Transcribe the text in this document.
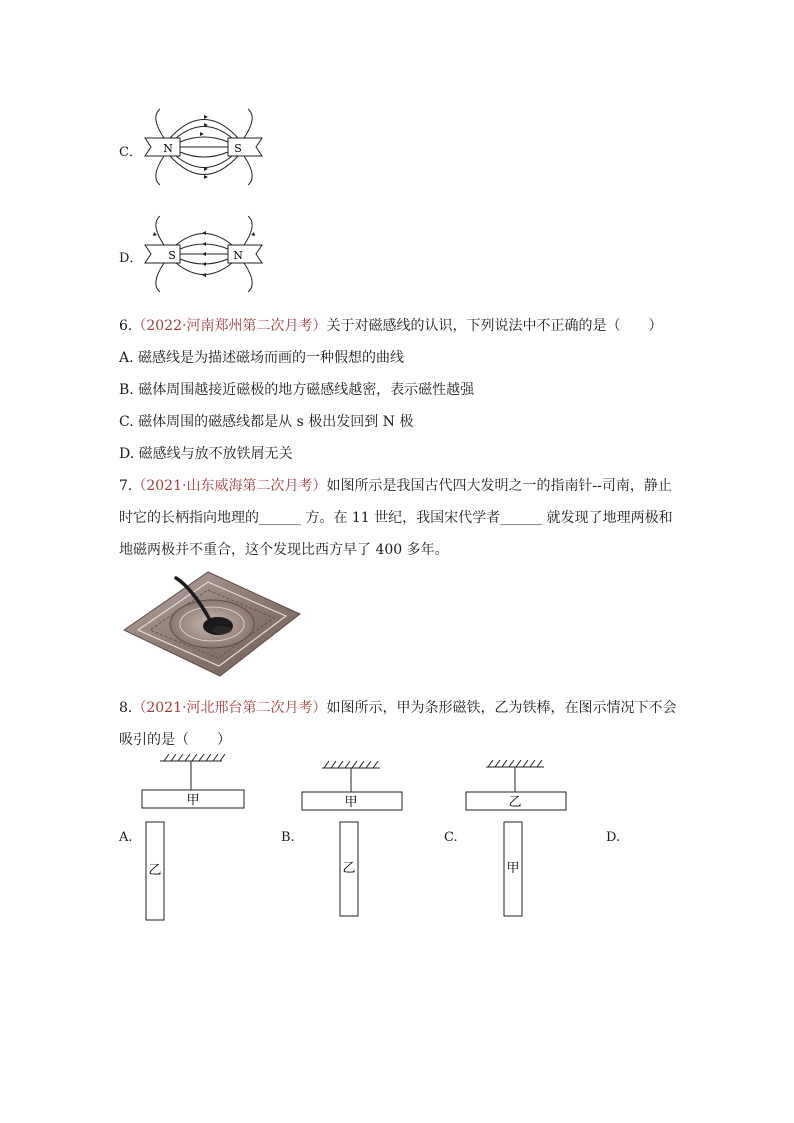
C． N	S
D． S	N
6.（2022·河南郑州第二次月考）关于对磁感线的认识，下列说法中不正确的是（　　）
A. 磁感线是为描述磁场而画的一种假想的曲线
B. 磁体周围越接近磁极的地方磁感线越密，表示磁性越强
C. 磁体周围的磁感线都是从 s 极出发回到 N 极
D. 磁感线与放不放铁屑无关
7.（2021·山东威海第二次月考）如图所示是我国古代四大发明之一的指南针--司南，静止
时它的长柄指向地理的______ 方。在 11 世纪，我国宋代学者______ 就发现了地理两极和
地磁两极并不重合，这个发现比西方早了 400 多年。
8.（2021·河北邢台第二次月考）如图所示，甲为条形磁铁，乙为铁棒，在图示情况下不会
吸引的是（　　）
甲
乙
A.
甲
乙
B.
乙
甲
C.	D.
